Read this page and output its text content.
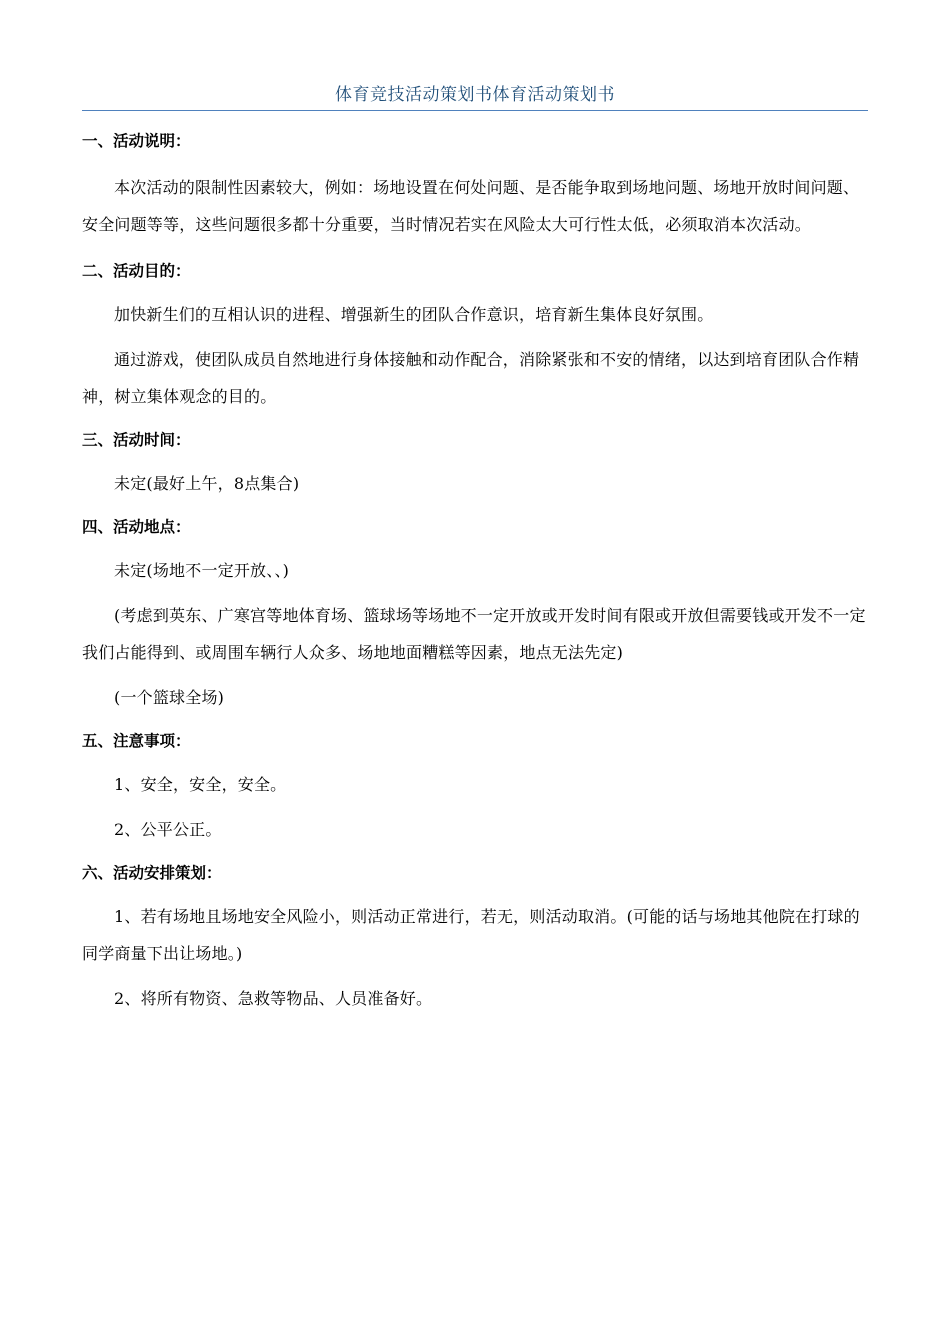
体育竞技活动策划书体育活动策划书
一、活动说明：

本次活动的限制性因素较大，例如：场地设置在何处问题、是否能争取到场地问题、场地开放时间问题、安全问题等等，这些问题很多都十分重要，当时情况若实在风险太大可行性太低，必须取消本次活动。

二、活动目的：

加快新生们的互相认识的进程、增强新生的团队合作意识，培育新生集体良好氛围。

通过游戏，使团队成员自然地进行身体接触和动作配合，消除紧张和不安的情绪，以达到培育团队合作精神，树立集体观念的目的。

三、活动时间：

未定(最好上午，8点集合)

四、活动地点：

未定(场地不一定开放、、)

(考虑到英东、广寒宫等地体育场、篮球场等场地不一定开放或开发时间有限或开放但需要钱或开发不一定我们占能得到、或周围车辆行人众多、场地地面糟糕等因素，地点无法先定)

(一个篮球全场)

五、注意事项：

1、安全，安全，安全。

2、公平公正。

六、活动安排策划：

1、若有场地且场地安全风险小，则活动正常进行，若无，则活动取消。(可能的话与场地其他院在打球的同学商量下出让场地。)

2、将所有物资、急救等物品、人员准备好。
